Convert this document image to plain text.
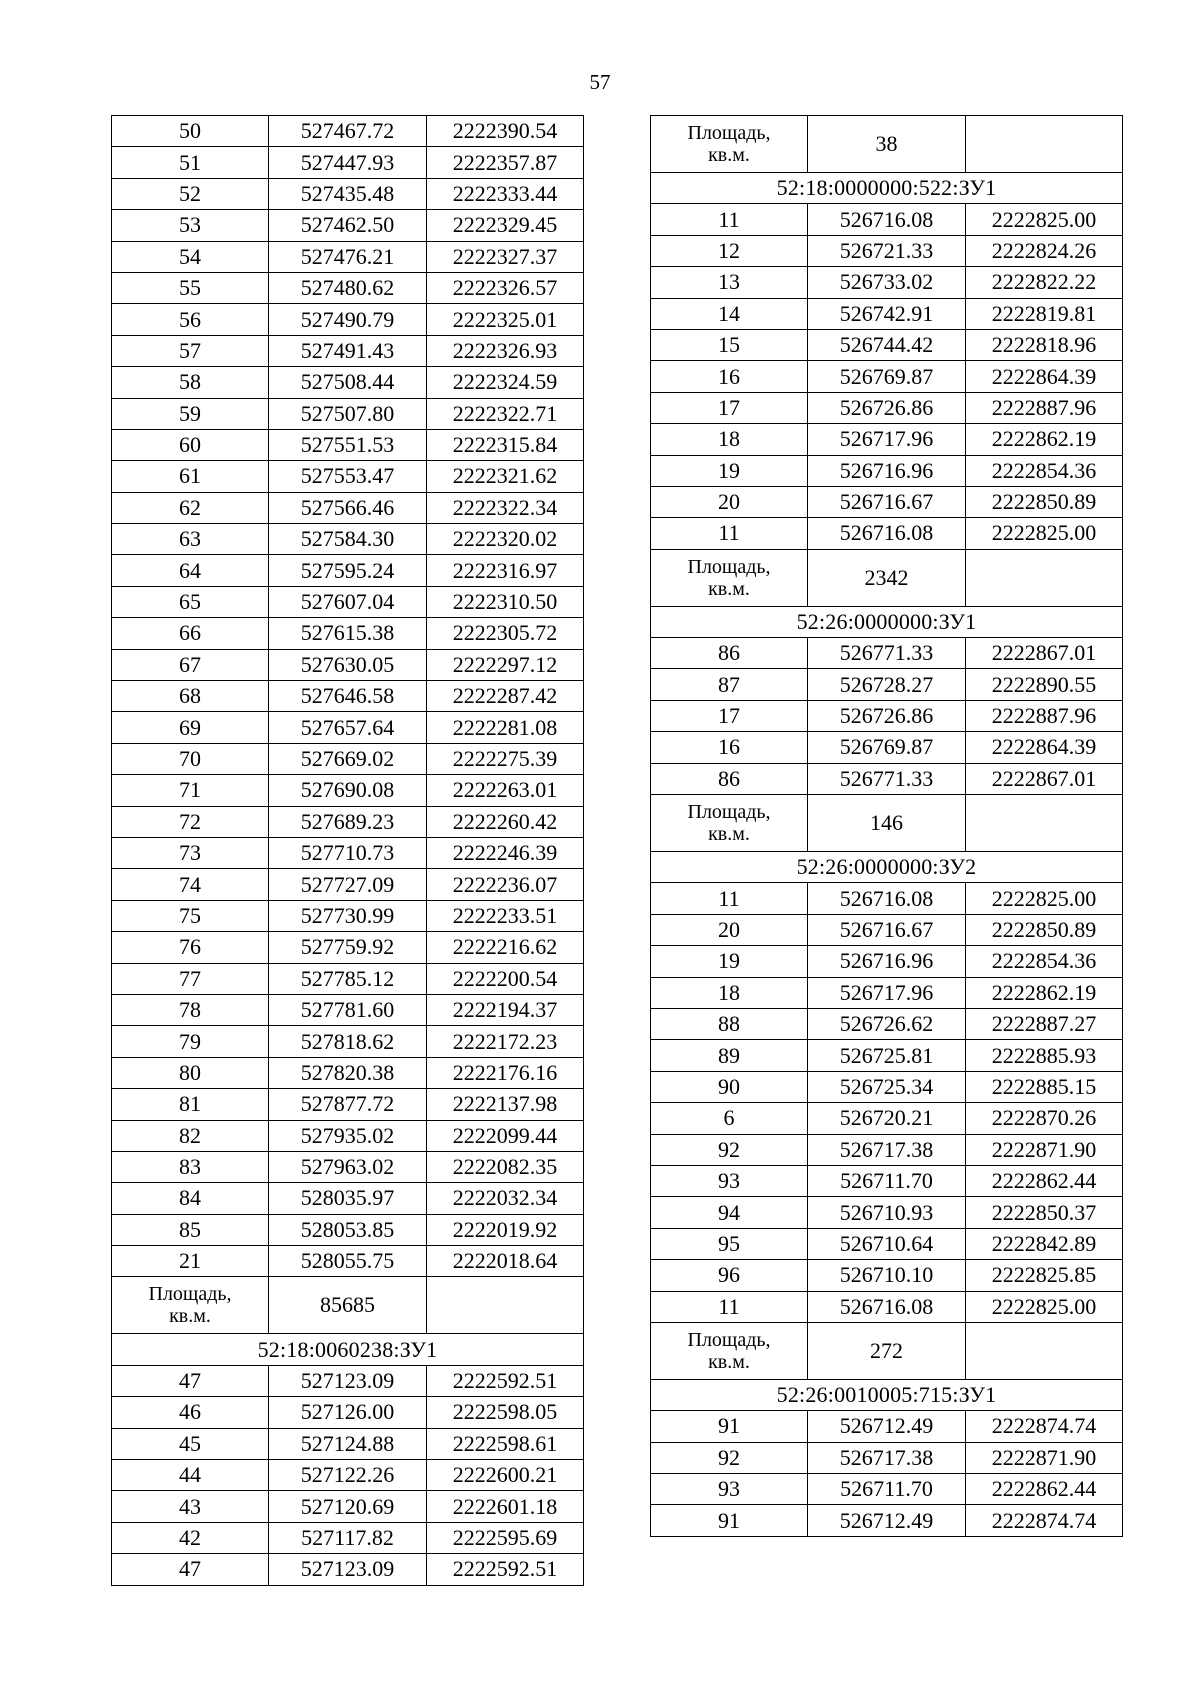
57
50	527467.72	2222390.54
51	527447.93	2222357.87
52	527435.48	2222333.44
53	527462.50	2222329.45
54	527476.21	2222327.37
55	527480.62	2222326.57
56	527490.79	2222325.01
57	527491.43	2222326.93
58	527508.44	2222324.59
59	527507.80	2222322.71
60	527551.53	2222315.84
61	527553.47	2222321.62
62	527566.46	2222322.34
63	527584.30	2222320.02
64	527595.24	2222316.97
65	527607.04	2222310.50
66	527615.38	2222305.72
67	527630.05	2222297.12
68	527646.58	2222287.42
69	527657.64	2222281.08
70	527669.02	2222275.39
71	527690.08	2222263.01
72	527689.23	2222260.42
73	527710.73	2222246.39
74	527727.09	2222236.07
75	527730.99	2222233.51
76	527759.92	2222216.62
77	527785.12	2222200.54
78	527781.60	2222194.37
79	527818.62	2222172.23
80	527820.38	2222176.16
81	527877.72	2222137.98
82	527935.02	2222099.44
83	527963.02	2222082.35
84	528035.97	2222032.34
85	528053.85	2222019.92
21	528055.75	2222018.64
Площадь,
кв.м.	85685	
52:18:0060238:ЗУ1		
47	527123.09	2222592.51
46	527126.00	2222598.05
45	527124.88	2222598.61
44	527122.26	2222600.21
43	527120.69	2222601.18
42	527117.82	2222595.69
47	527123.09	2222592.51
Площадь,
кв.м.	38	
52:18:0000000:522:ЗУ1		
11	526716.08	2222825.00
12	526721.33	2222824.26
13	526733.02	2222822.22
14	526742.91	2222819.81
15	526744.42	2222818.96
16	526769.87	2222864.39
17	526726.86	2222887.96
18	526717.96	2222862.19
19	526716.96	2222854.36
20	526716.67	2222850.89
11	526716.08	2222825.00
Площадь,
кв.м.	2342	
52:26:0000000:ЗУ1		
86	526771.33	2222867.01
87	526728.27	2222890.55
17	526726.86	2222887.96
16	526769.87	2222864.39
86	526771.33	2222867.01
Площадь,
кв.м.	146	
52:26:0000000:ЗУ2		
11	526716.08	2222825.00
20	526716.67	2222850.89
19	526716.96	2222854.36
18	526717.96	2222862.19
88	526726.62	2222887.27
89	526725.81	2222885.93
90	526725.34	2222885.15
6	526720.21	2222870.26
92	526717.38	2222871.90
93	526711.70	2222862.44
94	526710.93	2222850.37
95	526710.64	2222842.89
96	526710.10	2222825.85
11	526716.08	2222825.00
Площадь,
кв.м.	272	
52:26:0010005:715:ЗУ1		
91	526712.49	2222874.74
92	526717.38	2222871.90
93	526711.70	2222862.44
91	526712.49	2222874.74
